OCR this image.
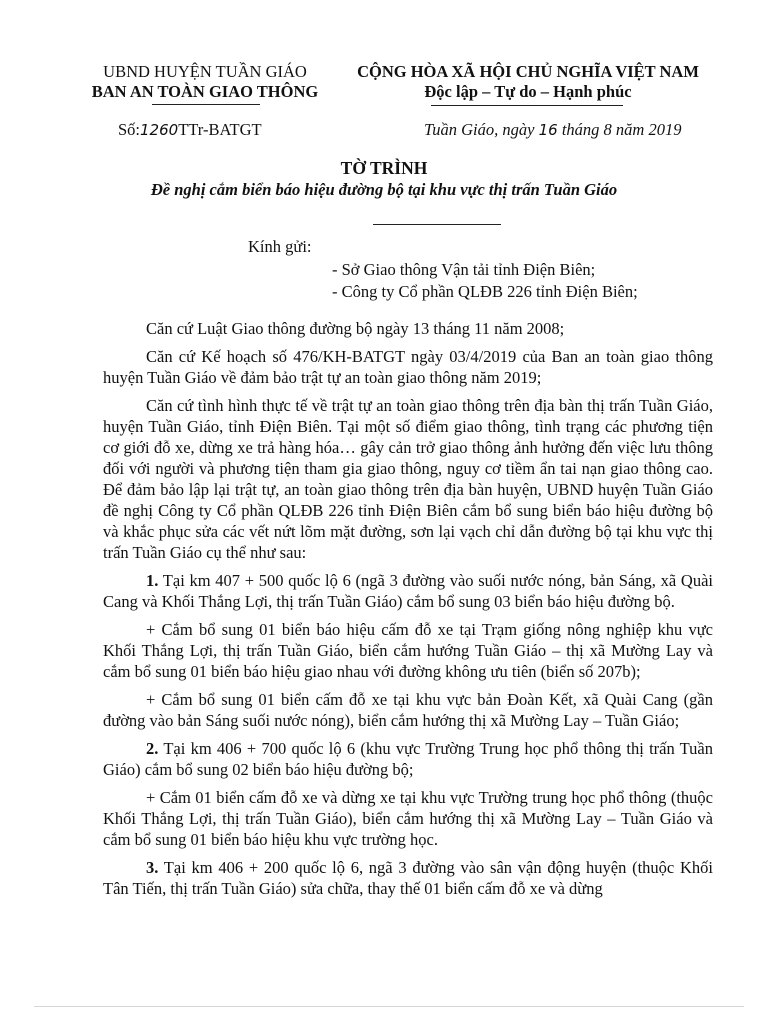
UBND HUYỆN TUẦN GIÁO
BAN AN TOÀN GIAO THÔNG
Số:1260TTr-BATGT
CỘNG HÒA XÃ HỘI CHỦ NGHĨA VIỆT NAM
Độc lập – Tự do – Hạnh phúc
Tuần Giáo, ngày 16 tháng 8 năm 2019
TỜ TRÌNH
Đề nghị cắm biển báo hiệu đường bộ tại khu vực thị trấn Tuần Giáo
Kính gửi:
- Sở Giao thông Vận tải tỉnh Điện Biên;
- Công ty Cổ phần QLĐB 226 tỉnh Điện Biên;

Căn cứ Luật Giao thông đường bộ ngày 13 tháng 11 năm 2008;

Căn cứ Kế hoạch số 476/KH-BATGT ngày 03/4/2019 của Ban an toàn giao thông huyện Tuần Giáo về đảm bảo trật tự an toàn giao thông năm 2019;

Căn cứ tình hình thực tế về trật tự an toàn giao thông trên địa bàn thị trấn Tuần Giáo, huyện Tuần Giáo, tỉnh Điện Biên. Tại một số điểm giao thông, tình trạng các phương tiện cơ giới đỗ xe, dừng xe trả hàng hóa… gây cản trở giao thông ảnh hưởng đến việc lưu thông đối với người và phương tiện tham gia giao thông, nguy cơ tiềm ẩn tai nạn giao thông cao. Để đảm bảo lập lại trật tự, an toàn giao thông trên địa bàn huyện, UBND huyện Tuần Giáo đề nghị Công ty Cổ phần QLĐB 226 tỉnh Điện Biên cắm bổ sung biển báo hiệu đường bộ và khắc phục sửa các vết nứt lõm mặt đường, sơn lại vạch chỉ dẫn đường bộ tại khu vực thị trấn Tuần Giáo cụ thể như sau:

1. Tại km 407 + 500 quốc lộ 6 (ngã 3 đường vào suối nước nóng, bản Sáng, xã Quài Cang và Khối Thắng Lợi, thị trấn Tuần Giáo) cắm bổ sung 03 biển báo hiệu đường bộ.

+ Cắm bổ sung 01 biển báo hiệu cấm đỗ xe tại Trạm giống nông nghiệp khu vực Khối Thắng Lợi, thị trấn Tuần Giáo, biển cắm hướng Tuần Giáo – thị xã Mường Lay và cắm bổ sung 01 biển báo hiệu giao nhau với đường không ưu tiên (biển số 207b);

+ Cắm bổ sung 01 biển cấm đỗ xe tại khu vực bản Đoàn Kết, xã Quài Cang (gần đường vào bản Sáng suối nước nóng), biển cắm hướng thị xã Mường Lay – Tuần Giáo;

2. Tại km 406 + 700 quốc lộ 6 (khu vực Trường Trung học phổ thông thị trấn Tuần Giáo) cắm bổ sung 02 biển báo hiệu đường bộ;

+ Cắm 01 biển cấm đỗ xe và dừng xe tại khu vực Trường trung học phổ thông (thuộc Khối Thắng Lợi, thị trấn Tuần Giáo), biển cắm hướng thị xã Mường Lay – Tuần Giáo và cắm bổ sung 01 biển báo hiệu khu vực trường học.

3. Tại km 406 + 200 quốc lộ 6, ngã 3 đường vào sân vận động huyện (thuộc Khối Tân Tiến, thị trấn Tuần Giáo) sửa chữa, thay thế 01 biển cấm đỗ xe và dừng
